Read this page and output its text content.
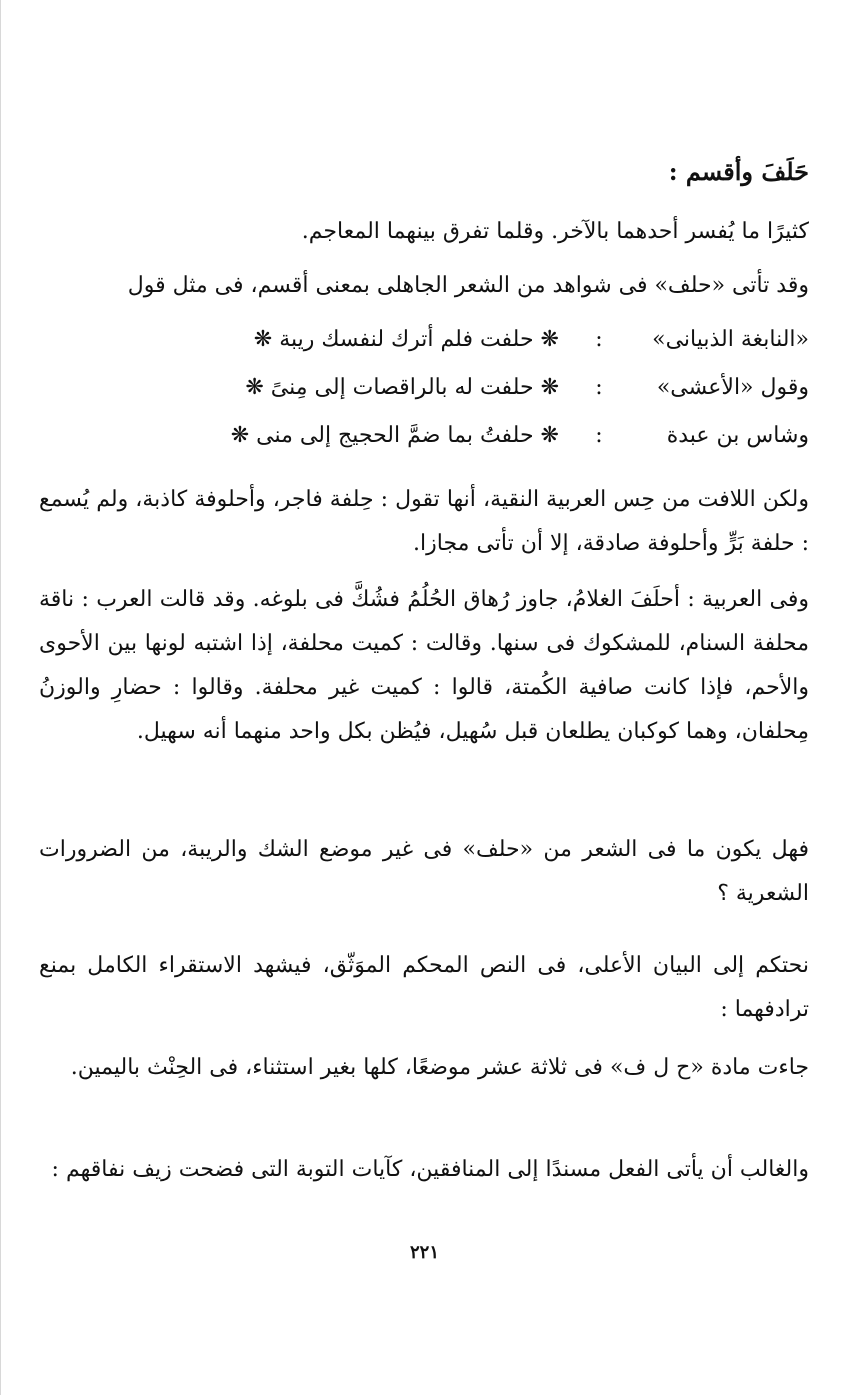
حَلَفَ وأقسم :
كثيرًا ما يُفسر أحدهما بالآخر. وقلما تفرق بينهما المعاجم.
وقد تأتى «حلف» فى شواهد من الشعر الجاهلى بمعنى أقسم، فى مثل قول
«النابغة الذبيانى»
:
❋ حلفت فلم أترك لنفسك ريبة ❋
وقول «الأعشى»
:
❋ حلفت له بالراقصات إلى مِنىً ❋
وشاس بن عبدة
:
❋ حلفتُ بما ضمَّ الحجيج إلى منى ❋
ولكن اللافت من حِس العربية النقية، أنها تقول : حِلفة فاجر، وأحلوفة كاذبة، ولم يُسمع : حلفة بَرٍّ وأحلوفة صادقة، إلا أن تأتى مجازا.
وفى العربية : أحلَفَ الغلامُ، جاوز رُهاق الحُلُمُ فشُكَّ فى بلوغه. وقد قالت العرب : ناقة محلفة السنام، للمشكوك فى سنها. وقالت : كميت محلفة، إذا اشتبه لونها بين الأحوى والأحم، فإذا كانت صافية الكُمتة، قالوا : كميت غير محلفة. وقالوا : حضارِ والوزنُ مِحلفان، وهما كوكبان يطلعان قبل سُهيل، فيُظن بكل واحد منهما أنه سهيل.
فهل يكون ما فى الشعر من «حلف» فى غير موضع الشك والريبة، من الضرورات الشعرية ؟
نحتكم إلى البيان الأعلى، فى النص المحكم الموَثّق، فيشهد الاستقراء الكامل بمنع ترادفهما :
جاءت مادة «ح ل ف» فى ثلاثة عشر موضعًا، كلها بغير استثناء، فى الحِنْث باليمين.
والغالب أن يأتى الفعل مسندًا إلى المنافقين، كآيات التوبة التى فضحت زيف نفاقهم :
٢٢١
